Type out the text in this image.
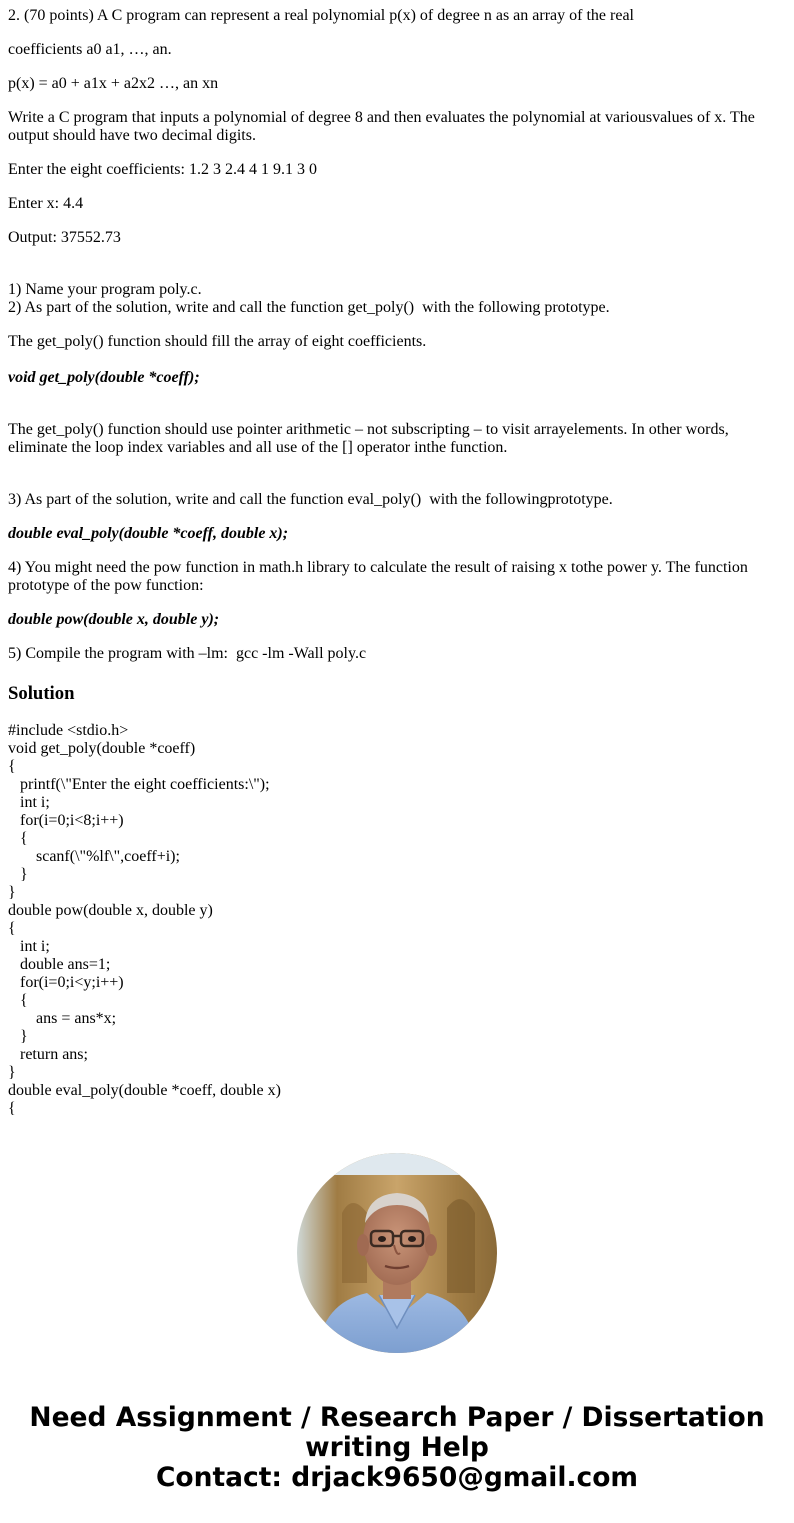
2. (70 points) A C program can represent a real polynomial p(x) of degree n as an array of the real

coefficients a0 a1, …, an.

p(x) = a0 + a1x + a2x2 …, an xn

Write a C program that inputs a polynomial of degree 8 and then evaluates the polynomial at variousvalues of x. The output should have two decimal digits.

Enter the eight coefficients: 1.2 3 2.4 4 1 9.1 3 0

Enter x: 4.4

Output: 37552.73

1) Name your program poly.c.

2) As part of the solution, write and call the function get_poly()  with the following prototype.

The get_poly() function should fill the array of eight coefficients.

void get_poly(double *coeff);

The get_poly() function should use pointer arithmetic – not subscripting – to visit arrayelements. In other words, eliminate the loop index variables and all use of the [] operator inthe function.

3) As part of the solution, write and call the function eval_poly()  with the followingprototype.

double eval_poly(double *coeff, double x);

4) You might need the pow function in math.h library to calculate the result of raising x tothe power y. The function prototype of the pow function:

double pow(double x, double y);

5) Compile the program with –lm:  gcc -lm -Wall poly.c

Solution
#include <stdio.h>
void get_poly(double *coeff)
{
printf(\"Enter the eight coefficients:\");
int i;
for(i=0;i<8;i++)
{
scanf(\"%lf\",coeff+i);
}
}
double pow(double x, double y)
{
int i;
double ans=1;
for(i=0;i<y;i++)
{
ans = ans*x;
}
return ans;
}
double eval_poly(double *coeff, double x)
{
Need Assignment / Research Paper / Dissertation
writing Help
Contact: drjack9650@gmail.com
